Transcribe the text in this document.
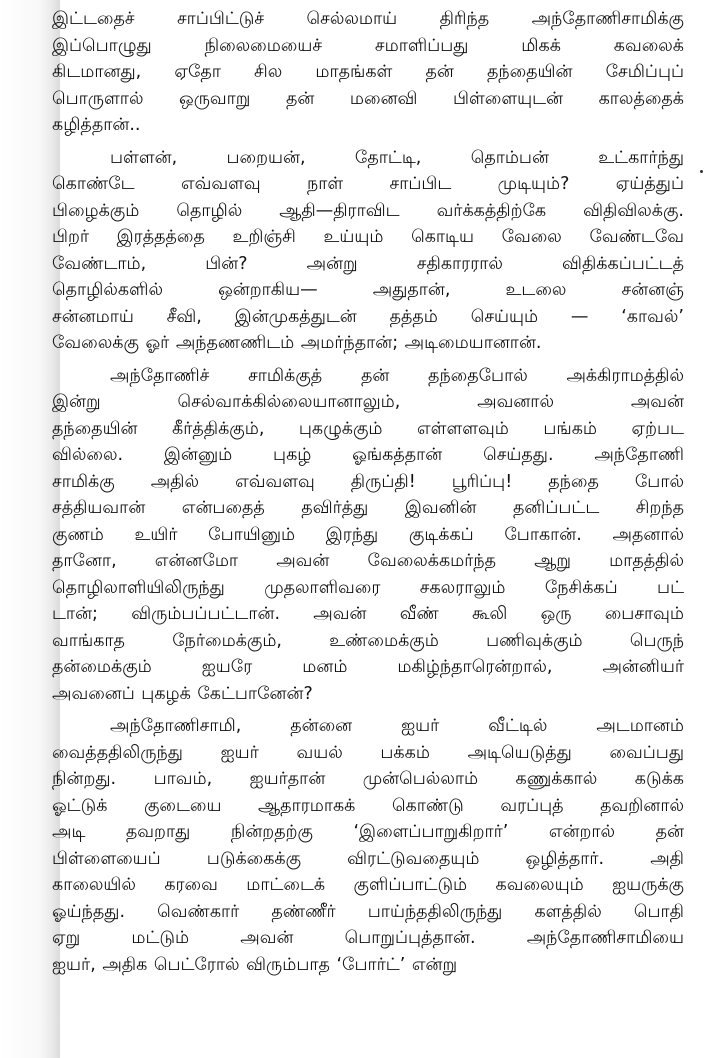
இட்டதைச் சாப்பிட்டுச் செல்லமாய் திரிந்த அந்தோணிசாமிக்கு
இப்பொழுது நிலைமையைச் சமாளிப்பது மிகக் கவலைக்
கிடமானது, ஏதோ சில மாதங்கள் தன் தந்தையின் சேமிப்புப்
பொருளால் ஒருவாறு தன் மனைவி பிள்ளையுடன் காலத்தைக்
கழித்தான்..

பள்ளன், பறையன், தோட்டி, தொம்பன் உட்கார்ந்து
கொண்டே எவ்வளவு நாள் சாப்பிட முடியும்? ஏய்த்துப்
பிழைக்கும் தொழில் ஆதி—திராவிட வர்க்கத்திற்கே விதிவிலக்கு.
பிறர் இரத்தத்தை உறிஞ்சி உய்யும் கொடிய வேலை வேண்டவே
வேண்டாம், பின்? அன்று சதிகாரரால் விதிக்கப்பட்டத்
தொழில்களில் ஒன்றாகிய— அதுதான், உடலை சன்னஞ்
சன்னமாய் சீவி, இன்முகத்துடன் தத்தம் செய்யும் — ‘காவல்’
வேலைக்கு ஓர் அந்தணணிடம் அமர்ந்தான்; அடிமையானான்.

அந்தோணிச் சாமிக்குத் தன் தந்தைபோல் அக்கிராமத்தில்
இன்று செல்வாக்கில்லையானாலும், அவனால் அவன்
தந்தையின் கீர்த்திக்கும், புகழுக்கும் எள்ளளவும் பங்கம் ஏற்பட
வில்லை. இன்னும் புகழ் ஓங்கத்தான் செய்தது. அந்தோணி
சாமிக்கு அதில் எவ்வளவு திருப்தி! பூரிப்பு! தந்தை போல்
சத்தியவான் என்பதைத் தவிர்த்து இவனின் தனிப்பட்ட சிறந்த
குணம் உயிர் போயினும் இரந்து குடிக்கப் போகான். அதனால்
தானோ, என்னமோ அவன் வேலைக்கமர்ந்த ஆறு மாதத்தில்
தொழிலாளியிலிருந்து முதலாளிவரை சகலராலும் நேசிக்கப் பட்
டான்; விரும்பப்பட்டான். அவன் வீண் கூலி ஒரு பைசாவும்
வாங்காத நேர்மைக்கும், உண்மைக்கும் பணிவுக்கும் பெருந்
தன்மைக்கும் ஐயரே மனம் மகிழ்ந்தாரென்றால், அன்னியர்
அவனைப் புகழக் கேட்பானேன்?

அந்தோணிசாமி, தன்னை ஐயர் வீட்டில் அடமானம்
வைத்ததிலிருந்து ஐயர் வயல் பக்கம் அடியெடுத்து வைப்பது
நின்றது. பாவம், ஐயர்தான் முன்பெல்லாம் கணுக்கால் கடுக்க
ஓட்டுக் குடையை ஆதாரமாகக் கொண்டு வரப்புத் தவறினால்
அடி தவறாது நின்றதற்கு ‘இளைப்பாறுகிறார்’ என்றால் தன்
பிள்ளையைப் படுக்கைக்கு விரட்டுவதையும் ஒழித்தார். அதி
காலையில் கரவை மாட்டைக் குளிப்பாட்டும் கவலையும் ஐயருக்கு
ஓய்ந்தது. வெண்கார் தண்ணீர் பாய்ந்ததிலிருந்து களத்தில் பொதி
ஏறு மட்டும் அவன் பொறுப்புத்தான். அந்தோணிசாமியை
ஐயர், அதிக பெட்ரோல் விரும்பாத ‘போர்ட்’ என்று
